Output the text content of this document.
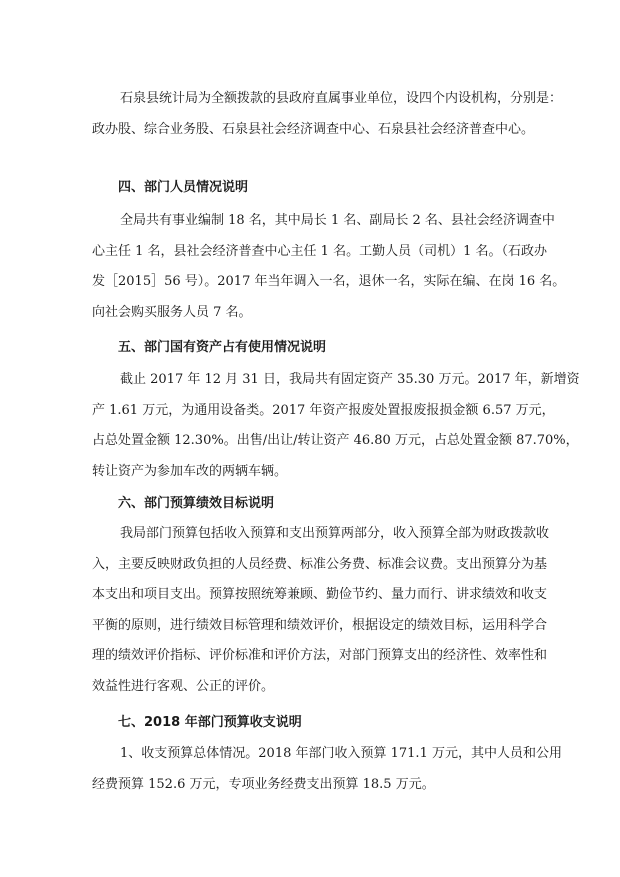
石泉县统计局为全额拨款的县政府直属事业单位，设四个内设机构，分别是：
政办股、综合业务股、石泉县社会经济调查中心、石泉县社会经济普查中心。

四、部门人员情况说明

全局共有事业编制 18 名，其中局长 1 名、副局长 2 名、县社会经济调查中
心主任 1 名，县社会经济普查中心主任 1 名。工勤人员（司机）1 名。（石政办
发［2015］56 号）。2017 年当年调入一名，退休一名，实际在编、在岗 16 名。
向社会购买服务人员 7 名。

五、部门国有资产占有使用情况说明

截止 2017 年 12 月 31 日，我局共有固定资产 35.30 万元。2017 年，新增资
产 1.61 万元，为通用设备类。2017 年资产报废处置报废报损金额 6.57 万元，
占总处置金额 12.30%。出售/出让/转让资产 46.80 万元，占总处置金额 87.70%，
转让资产为参加车改的两辆车辆。

六、部门预算绩效目标说明

我局部门预算包括收入预算和支出预算两部分，收入预算全部为财政拨款收
入，主要反映财政负担的人员经费、标准公务费、标准会议费。支出预算分为基
本支出和项目支出。预算按照统筹兼顾、勤俭节约、量力而行、讲求绩效和收支
平衡的原则，进行绩效目标管理和绩效评价，根据设定的绩效目标，运用科学合
理的绩效评价指标、评价标准和评价方法，对部门预算支出的经济性、效率性和
效益性进行客观、公正的评价。

七、2018 年部门预算收支说明

1、收支预算总体情况。2018 年部门收入预算 171.1 万元，其中人员和公用
经费预算 152.6 万元，专项业务经费支出预算 18.5 万元。
